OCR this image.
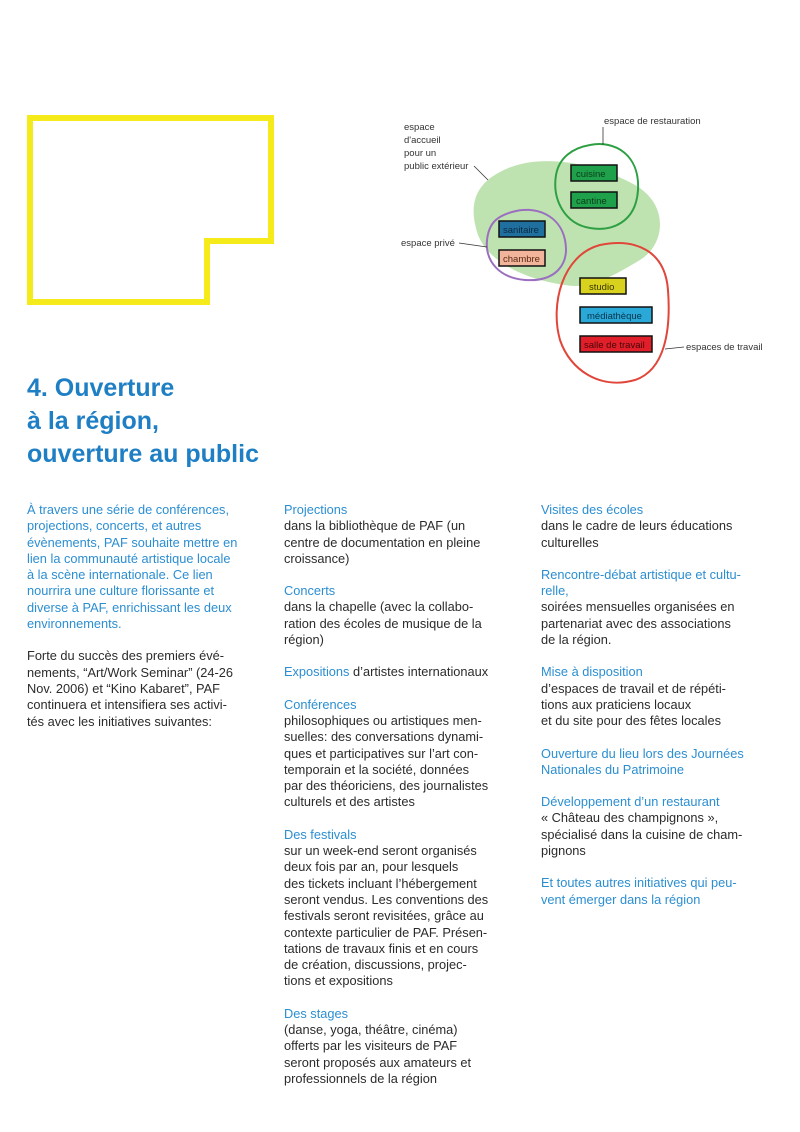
cuisine
cantine
sanitaire
chambre
studio
médiathèque
salle de travail
espace
d'accueil
pour un
public extérieur
espace de restauration
espace privé
espaces de travail
4. Ouverture
à la région,
ouverture au public
À travers une série de conférences,
projections, concerts, et autres
évènements, PAF souhaite mettre en
lien la communauté artistique locale
à la scène internationale. Ce lien
nourrira une culture florissante et
diverse à PAF, enrichissant les deux
environnements.
Forte du succès des premiers évé-
nements, “Art/Work Seminar” (24-26
Nov. 2006) et “Kino Kabaret”, PAF
continuera et intensifiera ses activi-
tés avec les initiatives suivantes:
Projections
dans la bibliothèque de PAF (un
centre de documentation en pleine
croissance)
Concerts
dans la chapelle (avec la collabo-
ration des écoles de musique de la
région)
Expositions d’artistes internationaux
Conférences
philosophiques ou artistiques men-
suelles: des conversations dynami-
ques et participatives sur l’art con-
temporain et la société, données
par des théoriciens, des journalistes
culturels et des artistes
Des festivals
sur un week-end seront organisés
deux fois par an, pour lesquels
des tickets incluant l’hébergement
seront vendus. Les conventions des
festivals seront revisitées, grâce au
contexte particulier de PAF. Présen-
tations de travaux finis et en cours
de création, discussions, projec-
tions et expositions
Des stages
(danse, yoga, théâtre, cinéma)
offerts par les visiteurs de PAF
seront proposés aux amateurs et
professionnels de la région
Visites des écoles
dans le cadre de leurs éducations
culturelles
Rencontre-débat artistique et cultu-
relle,
soirées mensuelles organisées en
partenariat avec des associations
de la région.
Mise à disposition
d’espaces de travail et de répéti-
tions aux praticiens locaux
et du site pour des fêtes locales
Ouverture du lieu lors des Journées
Nationales du Patrimoine
Développement d’un restaurant
« Château des champignons »,
spécialisé dans la cuisine de cham-
pignons
Et toutes autres initiatives qui peu-
vent émerger dans la région
